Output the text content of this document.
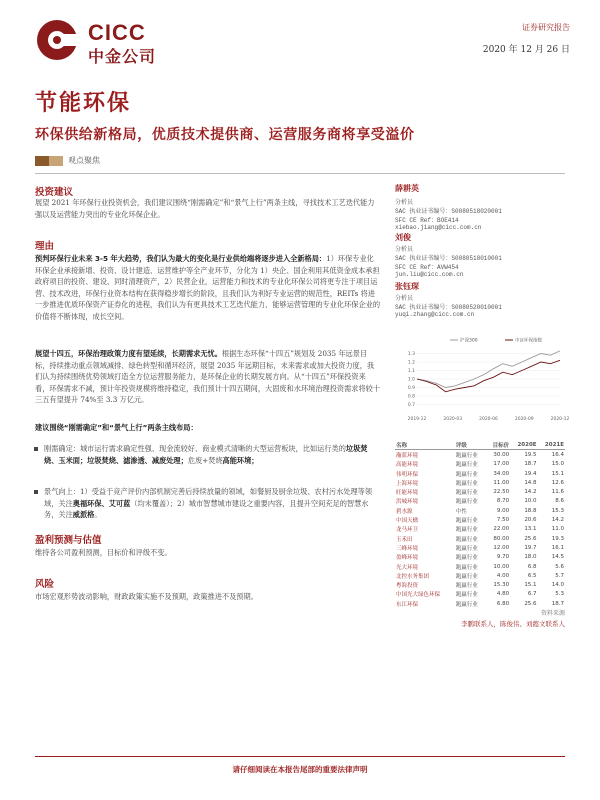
CICC
中金公司
证券研究报告
2020 年 12 月 26 日
节能环保
环保供给新格局，优质技术提供商、运营服务商将享受溢价
观点聚焦
投资建议
展望 2021 年环保行业投资机会，我们建议围绕“刚需确定”和“景气上行”两条主线，寻找技术工艺迭代能力强以及运营能力突出的专业化环保企业。
理由
预判环保行业未来 3-5 年大趋势，我们认为最大的变化是行业供给端将逐步进入全新格局：1）环保专业化环保企业承接新增、投资、设计建造、运营维护等全产业环节，分化为 1）央企、国企利用其低资金成本承担政府项目的投资、建设、同时清理资产，2）民营企业，运营能力和技术的专业化环保公司将更专注于项目运营、技术改进，环保行业资本结构在获得稳步增长的阶段，且我们认为利好专业运营的规范性，REITs 将进一步推进优质环保资产证券化的进程，我们认为有更具技术工艺迭代能力、能够运营管理的专业化环保企业的价值将不断体现，成长空间。
展望十四五，环保治理政策力度有望延续，长期需求无忧。根据生态环保“十四五”规划及 2035 年远景目标，持续推动重点领域减排、绿色转型和循环经济，展望 2035 年远期目标，未来需求或加大投资力度，我们认为持续围绕优势领域打造全方位运营服务能力，是环保企业的长期发展方向。从“十四五”环保投资来看，环保需求不减，预计年投资规模将维持稳定，我们预计十四五期间，大固废和水环境治理投资需求将较十三五有望提升 74%至 3.3 万亿元。
建议围绕“刚需确定”和“景气上行”两条主线布局：
刚需确定：城市运行需求确定性强、现金流较好、商业模式清晰的大型运营板块，比如运行类的垃圾焚烧、玉米面；垃圾焚烧、滤渗透、减废处理；危废+焚烧高能环境；
景气向上：1）受益于竞产评价内部机制完善后持续放量的领域，如餐厨及厨余垃圾、农村污水处理等领域，关注奥福环保、艾可蓝（均未覆盖）；2）城市智慧城市建设之重要内容，且提升空间充足的智慧水务，关注威派格。
盈利预测与估值
维持各公司盈利预测，目标价和评级不变。
风险
市场宏观形势波动影响，财政政策实施不及预期，政策推进不及预期。
薛耕英
分析员
SAC 执业证书编号：S0080518020001
SFC CE Ref：BOE414
xiebao.jiang@cicc.com.cn
刘俊
分析员
SAC 执业证书编号：S0080518010001
SFC CE Ref：AVW454
jun.liu@cicc.com.cn
张钰琛
分析员
SAC 执业证书编号：S0080520010001
yuqi.zhang@cicc.com.cn
1.3
1.2
1.1
1.0
0.9
0.8
0.7
2019-12	2020-03	2020-06	2020-09	2020-12
沪深300	中证环保指数
名称	评级	目标价	2020E	2021E
瀚蓝环境	跑赢行业	30.00	19.5	16.4
高能环境	跑赢行业	17.00	18.7	15.0
伟明环保	跑赢行业	34.00	19.4	15.1
上海环境	跑赢行业	11.00	14.8	12.6
旺能环境	跑赢行业	22.50	14.2	11.6
洪城环境	跑赢行业	8.70	10.0	8.6
碧水源	中性	9.00	18.8	15.3
中国天楹	跑赢行业	7.50	20.6	14.2
龙马环卫	跑赢行业	22.00	13.1	11.0
玉禾田	跑赢行业	80.00	25.6	19.3
三峰环境	跑赢行业	12.00	19.7	16.1
盈峰环境	跑赢行业	9.70	18.0	14.5
光大环境	跑赢行业	10.00	6.8	5.6
北控水务集团	跑赢行业	4.00	6.5	5.7
粤海投资	跑赢行业	15.30	15.1	14.0
中国光大绿色环保	跑赢行业	4.80	6.7	5.3
东江环保	跑赢行业	6.80	25.6	18.7
资料来源
李鹏联系人，陈俊伟、刘懿文联系人
请仔细阅读在本报告尾部的重要法律声明
